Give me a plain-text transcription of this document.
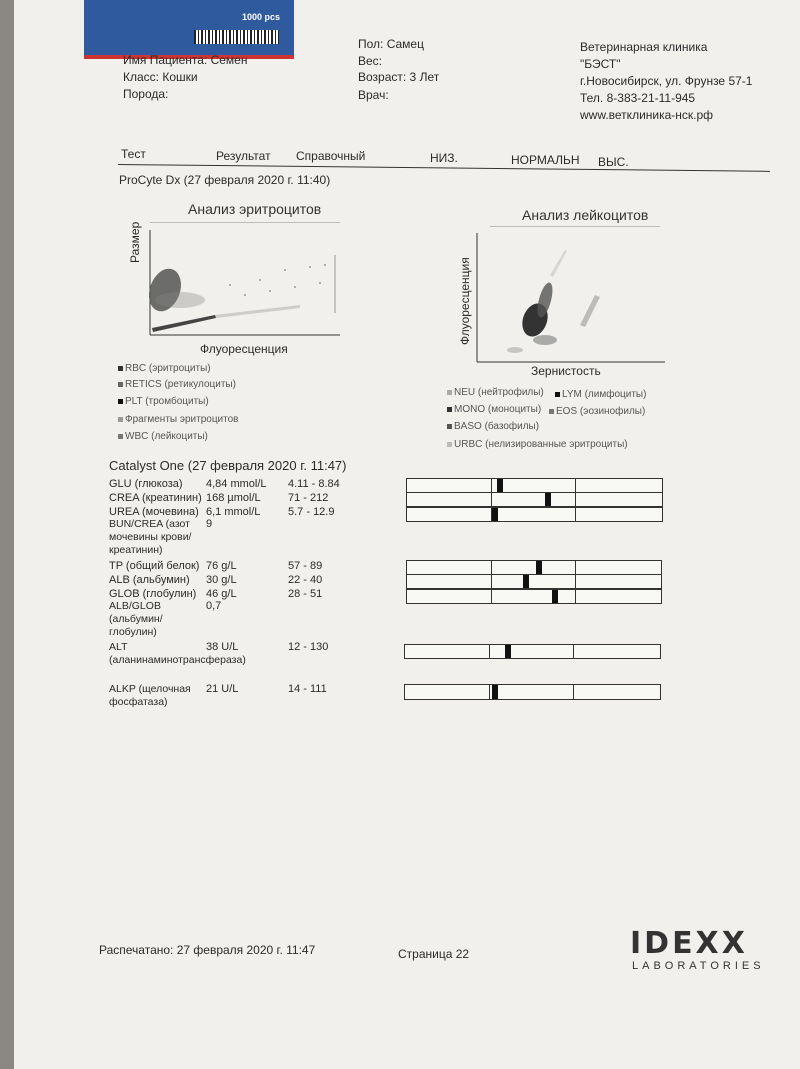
1000 pcs
Имя Пациента: Семен
Класс: Кошки
Порода:
Пол: Самец
Вес:
Возраст: 3 Лет
Врач:
Ветеринарная клиника
"БЭСТ"
г.Новосибирск, ул. Фрунзе 57-1
Тел. 8-383-21-11-945
www.ветклиника-нск.рф
Тест	Результат Справочный	НИЗ.	НОРМАЛЬН ВЫС.
ProCyte Dx (27 февраля 2020 г. 11:40)
Анализ эритроцитов
Размер
Флуоресценция
RBC (эритроциты)
RETICS (ретикулоциты)
PLT (тромбоциты)
Фрагменты эритроцитов
WBC (лейкоциты)
Анализ лейкоцитов
Флуоресценция
Зернистость
NEU (нейтрофилы)	LYM (лимфоциты)
MONO (моноциты)	EOS (эозинофилы)
BASO (базофилы)
URBC (нелизированные эритроциты)
Catalyst One (27 февраля 2020 г. 11:47)
GLU (глюкоза) 4,84 mmol/L 4.11 - 8.84
CREA (креатинин) 168 µmol/L 71 - 212
UREA (мочевина) 6,1 mmol/L	5.7 - 12.9
BUN/CREA (азот мочевины крови/креатинин)
9
TP (общий белок) 76 g/L	57 - 89
ALB (альбумин) 30 g/L	22 - 40
GLOB (глобулин) 46 g/L	28 - 51
ALB/GLOB (альбумин/глобулин)
0,7
ALT (аланинаминотрансфераза)
38 U/L	12 - 130
ALKP (щелочная фосфатаза)
21 U/L	14 - 111
Распечатано: 27 февраля 2020 г. 11:47	Страница 22	IDEXX
LABORATORIES
